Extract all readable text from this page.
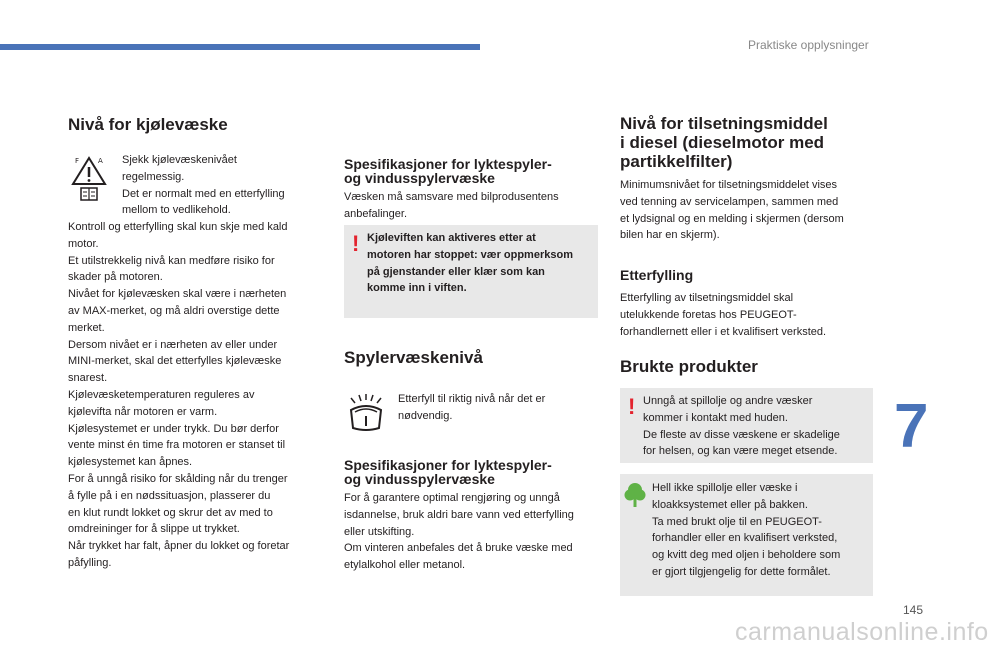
Praktiske opplysninger
Nivå for kjølevæske
F	A Sjekk kjølevæskenivået
regelmessig.
Det er normalt med en etterfylling
mellom to vedlikehold.

Kontroll og etterfylling skal kun skje med kald
motor.
Et utilstrekkelig nivå kan medføre risiko for
skader på motoren.
Nivået for kjølevæsken skal være i nærheten
av MAX-merket, og må aldri overstige dette
merket.
Dersom nivået er i nærheten av eller under
MINI-merket, skal det etterfylles kjølevæske
snarest.

Kjølevæsketemperaturen reguleres av
kjølevifta når motoren er varm.
Kjølesystemet er under trykk. Du bør derfor
vente minst én time fra motoren er stanset til
kjølesystemet kan åpnes.
For å unngå risiko for skålding når du trenger
å fylle på i en nødssituasjon, plasserer du
en klut rundt lokket og skrur det av med to
omdreininger for å slippe ut trykket.
Når trykket har falt, åpner du lokket og foretar
påfylling.

Spesifikasjoner for lyktespyler-
og vindusspylervæske

Væsken må samsvare med bilprodusentens
anbefalinger.

! Kjøleviften kan aktiveres etter at
motoren har stoppet: vær oppmerksom
på gjenstander eller klær som kan
komme inn i viften.

Spylervæskenivå

Etterfyll til riktig nivå når det er
nødvendig.

Spesifikasjoner for lyktespyler-
og vindusspylervæske

For å garantere optimal rengjøring og unngå
isdannelse, bruk aldri bare vann ved etterfylling
eller utskifting.
Om vinteren anbefales det å bruke væske med
etylalkohol eller metanol.

Nivå for tilsetningsmiddel
i diesel (dieselmotor med
partikkelfilter)

Minimumsnivået for tilsetningsmiddelet vises
ved tenning av servicelampen, sammen med
et lydsignal og en melding i skjermen (dersom
bilen har en skjerm).

Etterfylling

Etterfylling av tilsetningsmiddel skal
utelukkende foretas hos PEUGEOT-
forhandlernett eller i et kvalifisert verksted.

Brukte produkter
! Unngå at spillolje og andre væsker
kommer i kontakt med huden.
De fleste av disse væskene er skadelige
for helsen, og kan være meget etsende.

Hell ikke spillolje eller væske i
kloakksystemet eller på bakken.
Ta med brukt olje til en PEUGEOT-
forhandler eller en kvalifisert verksted,
og kvitt deg med oljen i beholdere som
er gjort tilgjengelig for dette formålet.

7
145
carmanualsonline.info
